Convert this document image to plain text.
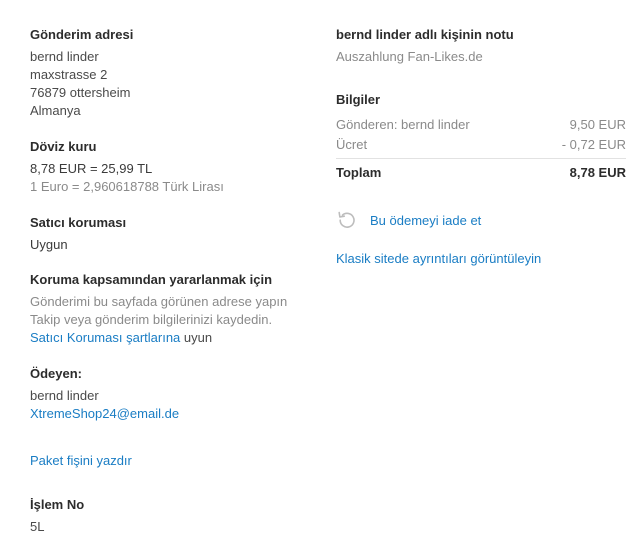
Gönderim adresi
bernd linder
maxstrasse 2
76879 ottersheim
Almanya
Döviz kuru
8,78 EUR = 25,99 TL
1 Euro = 2,960618788 Türk Lirası
Satıcı koruması
Uygun
Koruma kapsamından yararlanmak için
Gönderimi bu sayfada görünen adrese yapın
Takip veya gönderim bilgilerinizi kaydedin.
Satıcı Koruması şartlarına uyun
Ödeyen:
bernd linder
XtremeShop24@email.de
Paket fişini yazdır
İşlem No
5L
bernd linder adlı kişinin notu
Auszahlung Fan-Likes.de
Bilgiler
Gönderen: bernd linder	9,50 EUR
Ücret	- 0,72 EUR
Toplam	8,78 EUR
Bu ödemeyi iade et
Klasik sitede ayrıntıları görüntüleyin
